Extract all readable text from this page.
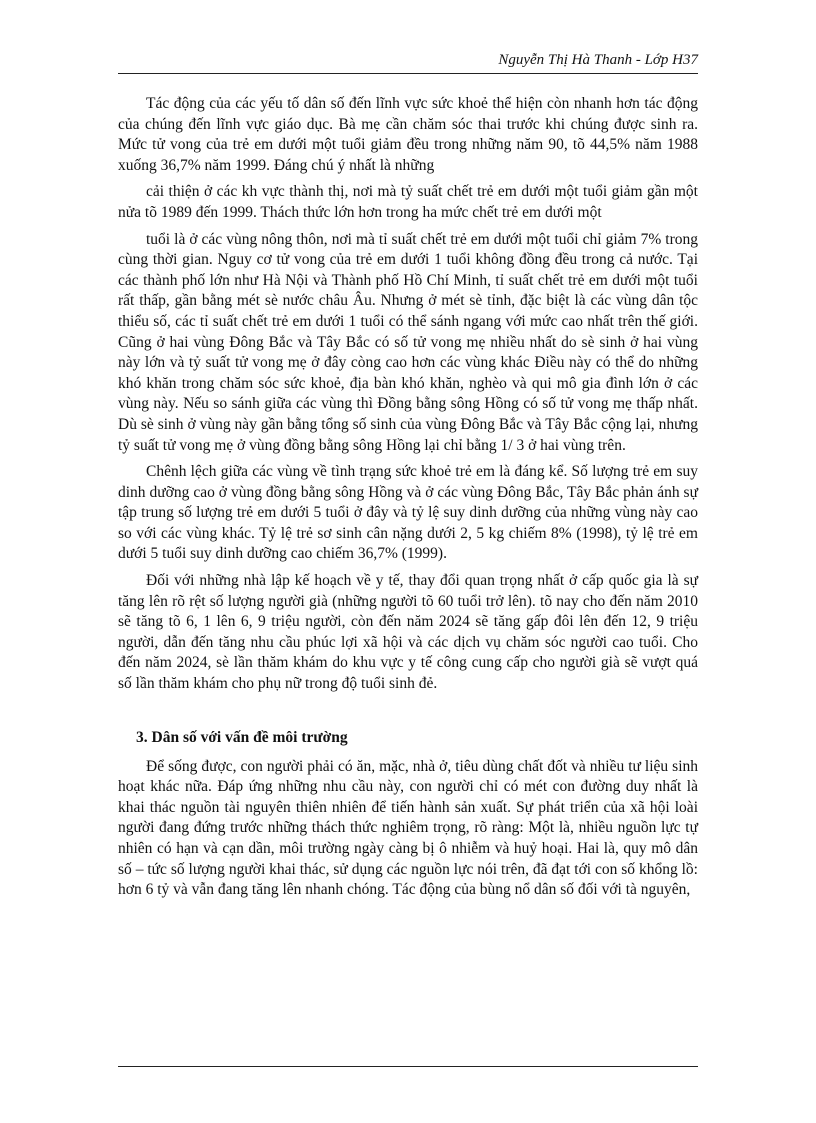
Nguyễn Thị Hà Thanh - Lớp H37

Tác động của các yếu tố dân số đến lĩnh vực sức khoẻ thể hiện còn nhanh hơn tác động của chúng đến lĩnh vực giáo dục. Bà mẹ cần chăm sóc thai trước khi chúng được sinh ra. Mức tử vong của trẻ em dưới một tuổi giảm đều trong những năm 90, tõ 44,5% năm 1988 xuống 36,7% năm 1999. Đáng chú ý nhất là những

cải thiện ở các kh vực thành thị, nơi mà tỷ suất chết trẻ em dưới một tuổi giảm gần một nửa tõ 1989 đến 1999. Thách thức lớn hơn trong ha mức chết trẻ em dưới một

tuổi là ở các vùng nông thôn, nơi mà tỉ suất chết trẻ em dưới một tuổi chỉ giảm 7% trong cùng thời gian. Nguy cơ tử vong của trẻ em dưới 1 tuổi không đồng đều trong cả nước. Tại các thành phố lớn như Hà Nội và Thành phố Hồ Chí Minh, tỉ suất chết trẻ em dưới một tuổi rất thấp, gần bằng mét sè nước châu Âu. Nhưng ở mét sè tỉnh, đặc biệt là các vùng dân tộc thiểu số, các tỉ suất chết trẻ em dưới 1 tuổi có thể sánh ngang với mức cao nhất trên thế giới. Cũng ở hai vùng Đông Bắc và Tây Bắc có số tử vong mẹ nhiều nhất do sè sinh ở hai vùng này lớn và tỷ suất tử vong mẹ ở đây còng cao hơn các vùng khác Điều này có thể do những khó khăn trong chăm sóc sức khoẻ, địa bàn khó khăn, nghèo và qui mô gia đình lớn ở các vùng này. Nếu so sánh giữa các vùng thì Đồng bằng sông Hồng có số tử vong mẹ thấp nhất. Dù sè sinh ở vùng này gần bằng tổng số sinh của vùng Đông Bắc và Tây Bắc cộng lại, nhưng tỷ suất tử vong mẹ ở vùng đồng bằng sông Hồng lại chỉ bằng 1/ 3 ở hai vùng trên.

Chênh lệch giữa các vùng về tình trạng sức khoẻ trẻ em là đáng kể. Số lượng trẻ em suy dinh dưỡng cao ở vùng đồng bằng sông Hồng và ở các vùng Đông Bắc, Tây Bắc phản ánh sự tập trung số lượng trẻ em dưới 5 tuổi ở đây và tỷ lệ suy dinh dưỡng của những vùng này cao so với các vùng khác. Tỷ lệ trẻ sơ sinh cân nặng dưới 2, 5 kg chiếm 8% (1998), tỷ lệ trẻ em dưới 5 tuổi suy dinh dưỡng cao chiếm 36,7% (1999).

Đối với những nhà lập kế hoạch về y tế, thay đổi quan trọng nhất ở cấp quốc gia là sự tăng lên rõ rệt số lượng người già (những người tõ 60 tuổi trở lên). tõ nay cho đến năm 2010 sẽ tăng tõ 6, 1 lên 6, 9 triệu người, còn đến năm 2024 sẽ tăng gấp đôi lên đến 12, 9 triệu người, dẫn đến tăng nhu cầu phúc lợi xã hội và các dịch vụ chăm sóc người cao tuổi. Cho đến năm 2024, sè lần thăm khám do khu vực y tế công cung cấp cho người già sẽ vượt quá số lần thăm khám cho phụ nữ trong độ tuổi sinh đẻ.

3. Dân số với vấn đề môi trường

Để sống được, con người phải có ăn, mặc, nhà ở, tiêu dùng chất đốt và nhiều tư liệu sinh hoạt khác nữa. Đáp ứng những nhu cầu này, con người chỉ có mét con đường duy nhất là khai thác nguồn tài nguyên thiên nhiên để tiến hành sản xuất. Sự phát triển của xã hội loài người đang đứng trước những thách thức nghiêm trọng, rõ ràng: Một là, nhiều nguồn lực tự nhiên có hạn và cạn dần, môi trường ngày càng bị ô nhiễm và huỷ hoại. Hai là, quy mô dân số – tức số lượng người khai thác, sử dụng các nguồn lực nói trên, đã đạt tới con số khổng lồ: hơn 6 tỷ và vẫn đang tăng lên nhanh chóng. Tác động của bùng nổ dân số đối với tà nguyên,
